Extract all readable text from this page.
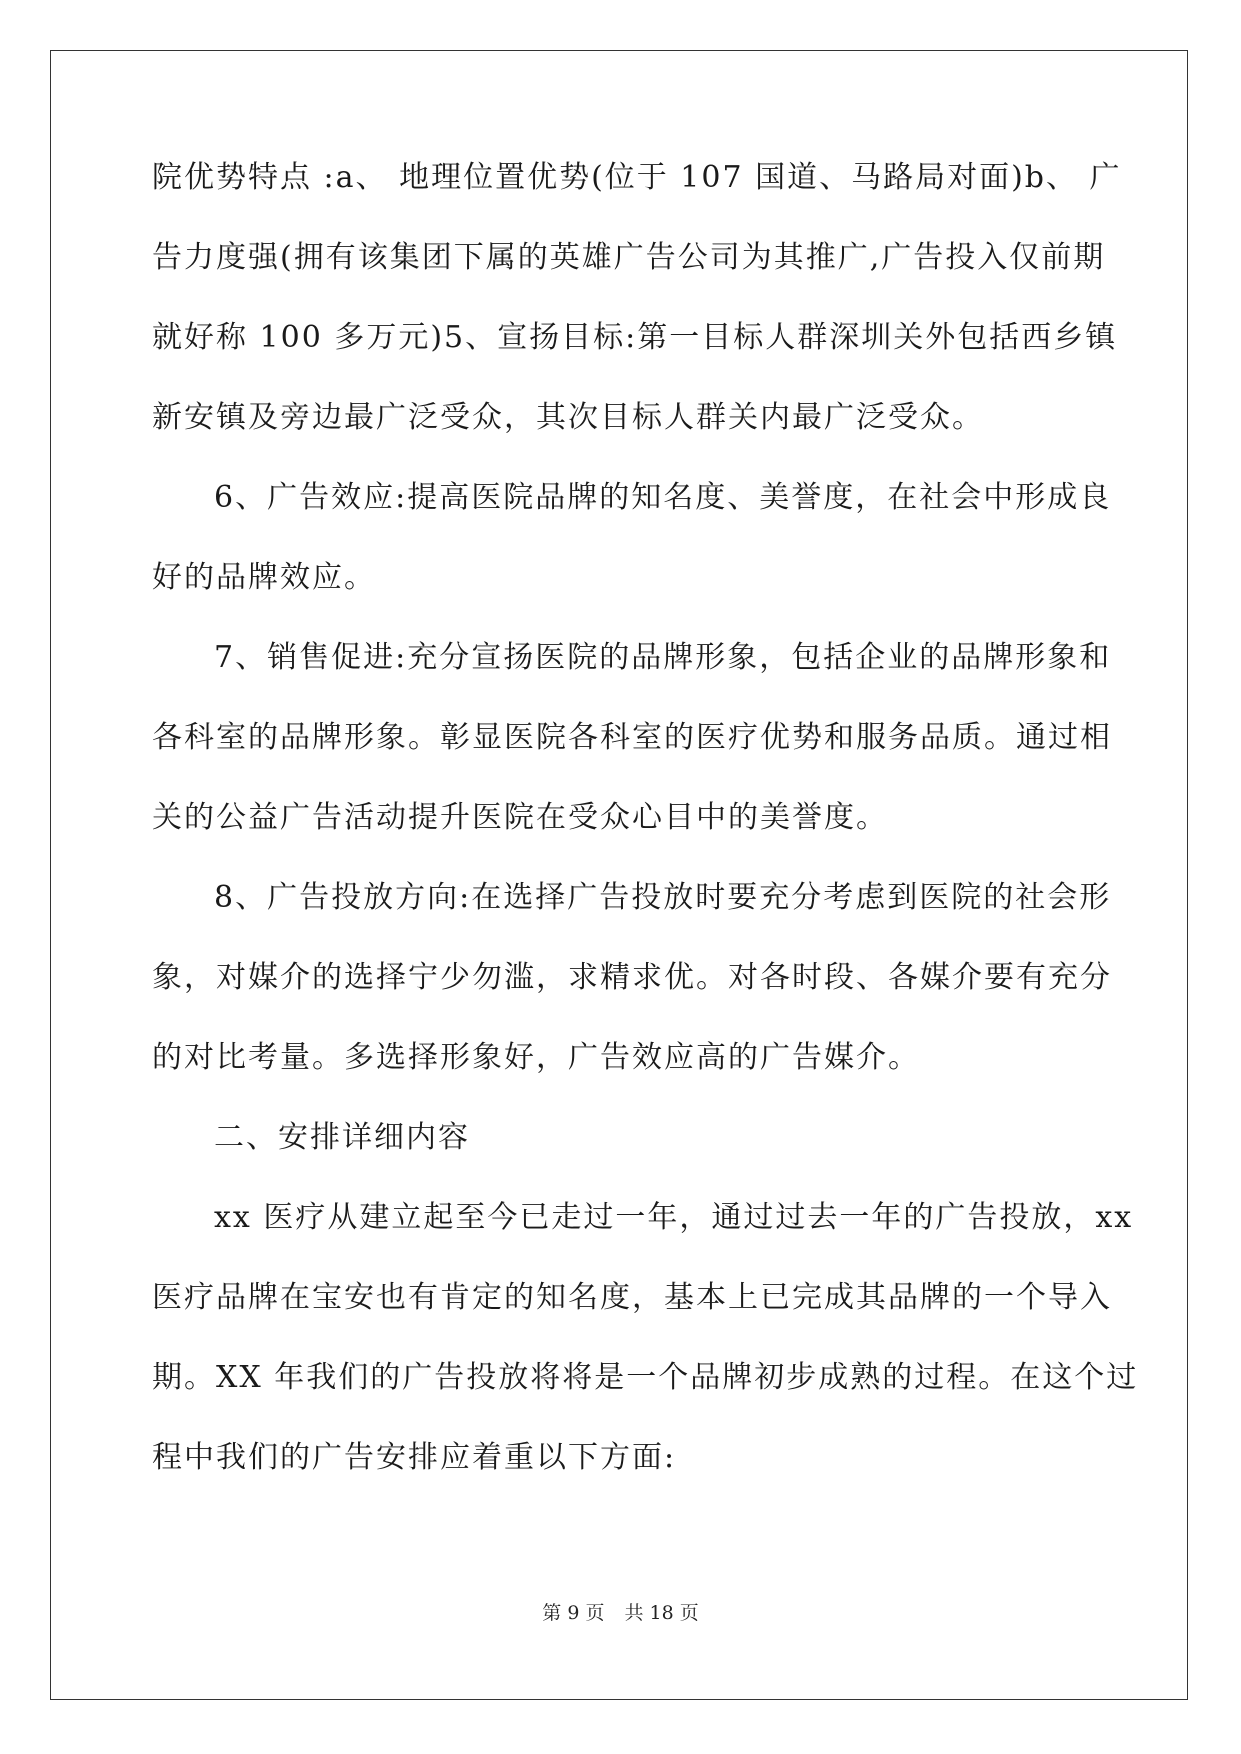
院优势特点 :a、 地理位置优势(位于 107 国道、马路局对面)b、 广
告力度强(拥有该集团下属的英雄广告公司为其推广,广告投入仅前期
就好称 100 多万元)5、宣扬目标:第一目标人群深圳关外包括西乡镇
新安镇及旁边最广泛受众，其次目标人群关内最广泛受众。
6、广告效应:提高医院品牌的知名度、美誉度，在社会中形成良
好的品牌效应。
7、销售促进:充分宣扬医院的品牌形象，包括企业的品牌形象和
各科室的品牌形象。彰显医院各科室的医疗优势和服务品质。通过相
关的公益广告活动提升医院在受众心目中的美誉度。
8、广告投放方向:在选择广告投放时要充分考虑到医院的社会形
象，对媒介的选择宁少勿滥，求精求优。对各时段、各媒介要有充分
的对比考量。多选择形象好，广告效应高的广告媒介。
二、安排详细内容
xx 医疗从建立起至今已走过一年，通过过去一年的广告投放，xx
医疗品牌在宝安也有肯定的知名度，基本上已完成其品牌的一个导入
期。XX 年我们的广告投放将将是一个品牌初步成熟的过程。在这个过
程中我们的广告安排应着重以下方面:
第 9 页 共 18 页
